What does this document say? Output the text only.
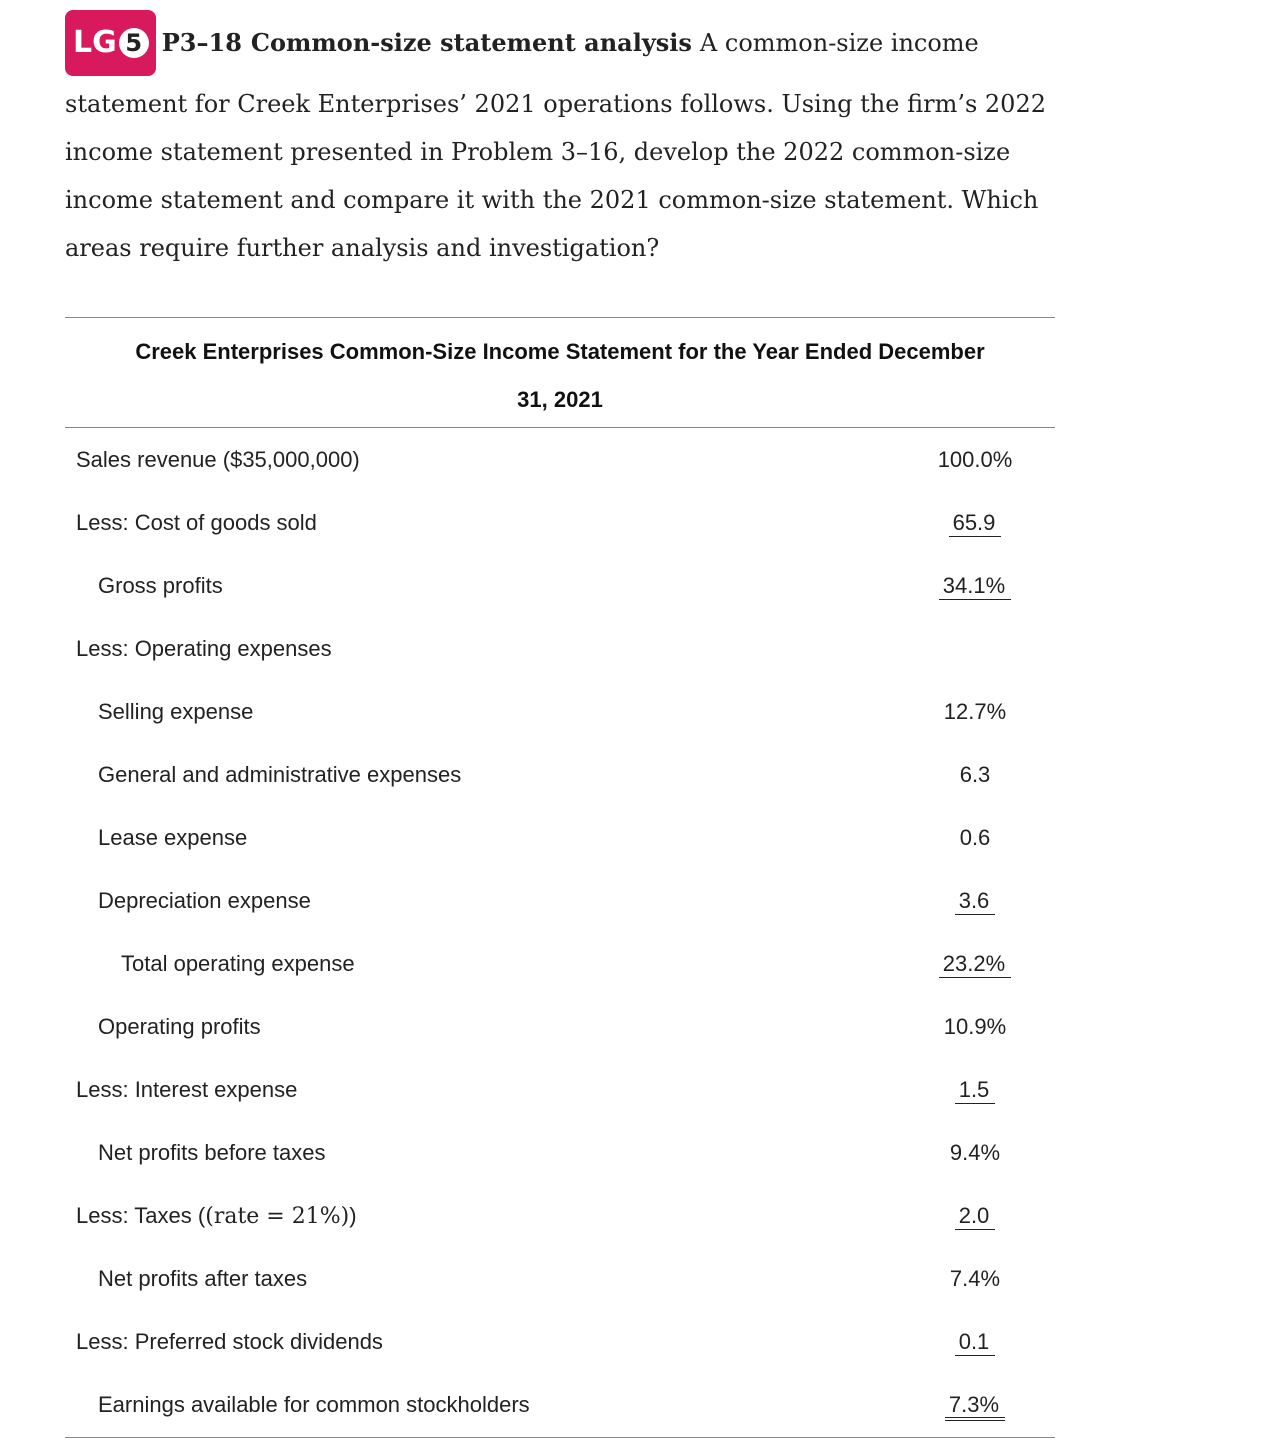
LG 5 P3–18 Common-size statement analysis A common-size income
statement for Creek Enterprises’ 2021 operations follows. Using the firm’s 2022
income statement presented in Problem 3–16, develop the 2022 common-size
income statement and compare it with the 2021 common-size statement. Which
areas require further analysis and investigation?
Creek Enterprises Common-Size Income Statement for the Year Ended December
31, 2021
Sales revenue ($35,000,000)	100.0%
Less: Cost of goods sold	65.9
Gross profits	34.1%
Less: Operating expenses
Selling expense	12.7%
General and administrative expenses	6.3
Lease expense	0.6
Depreciation expense	3.6
Total operating expense	23.2%
Operating profits	10.9%
Less: Interest expense	1.5
Net profits before taxes	9.4%
Less: Taxes ((rate = 21%))	2.0
Net profits after taxes	7.4%
Less: Preferred stock dividends	0.1
Earnings available for common stockholders	7.3%
